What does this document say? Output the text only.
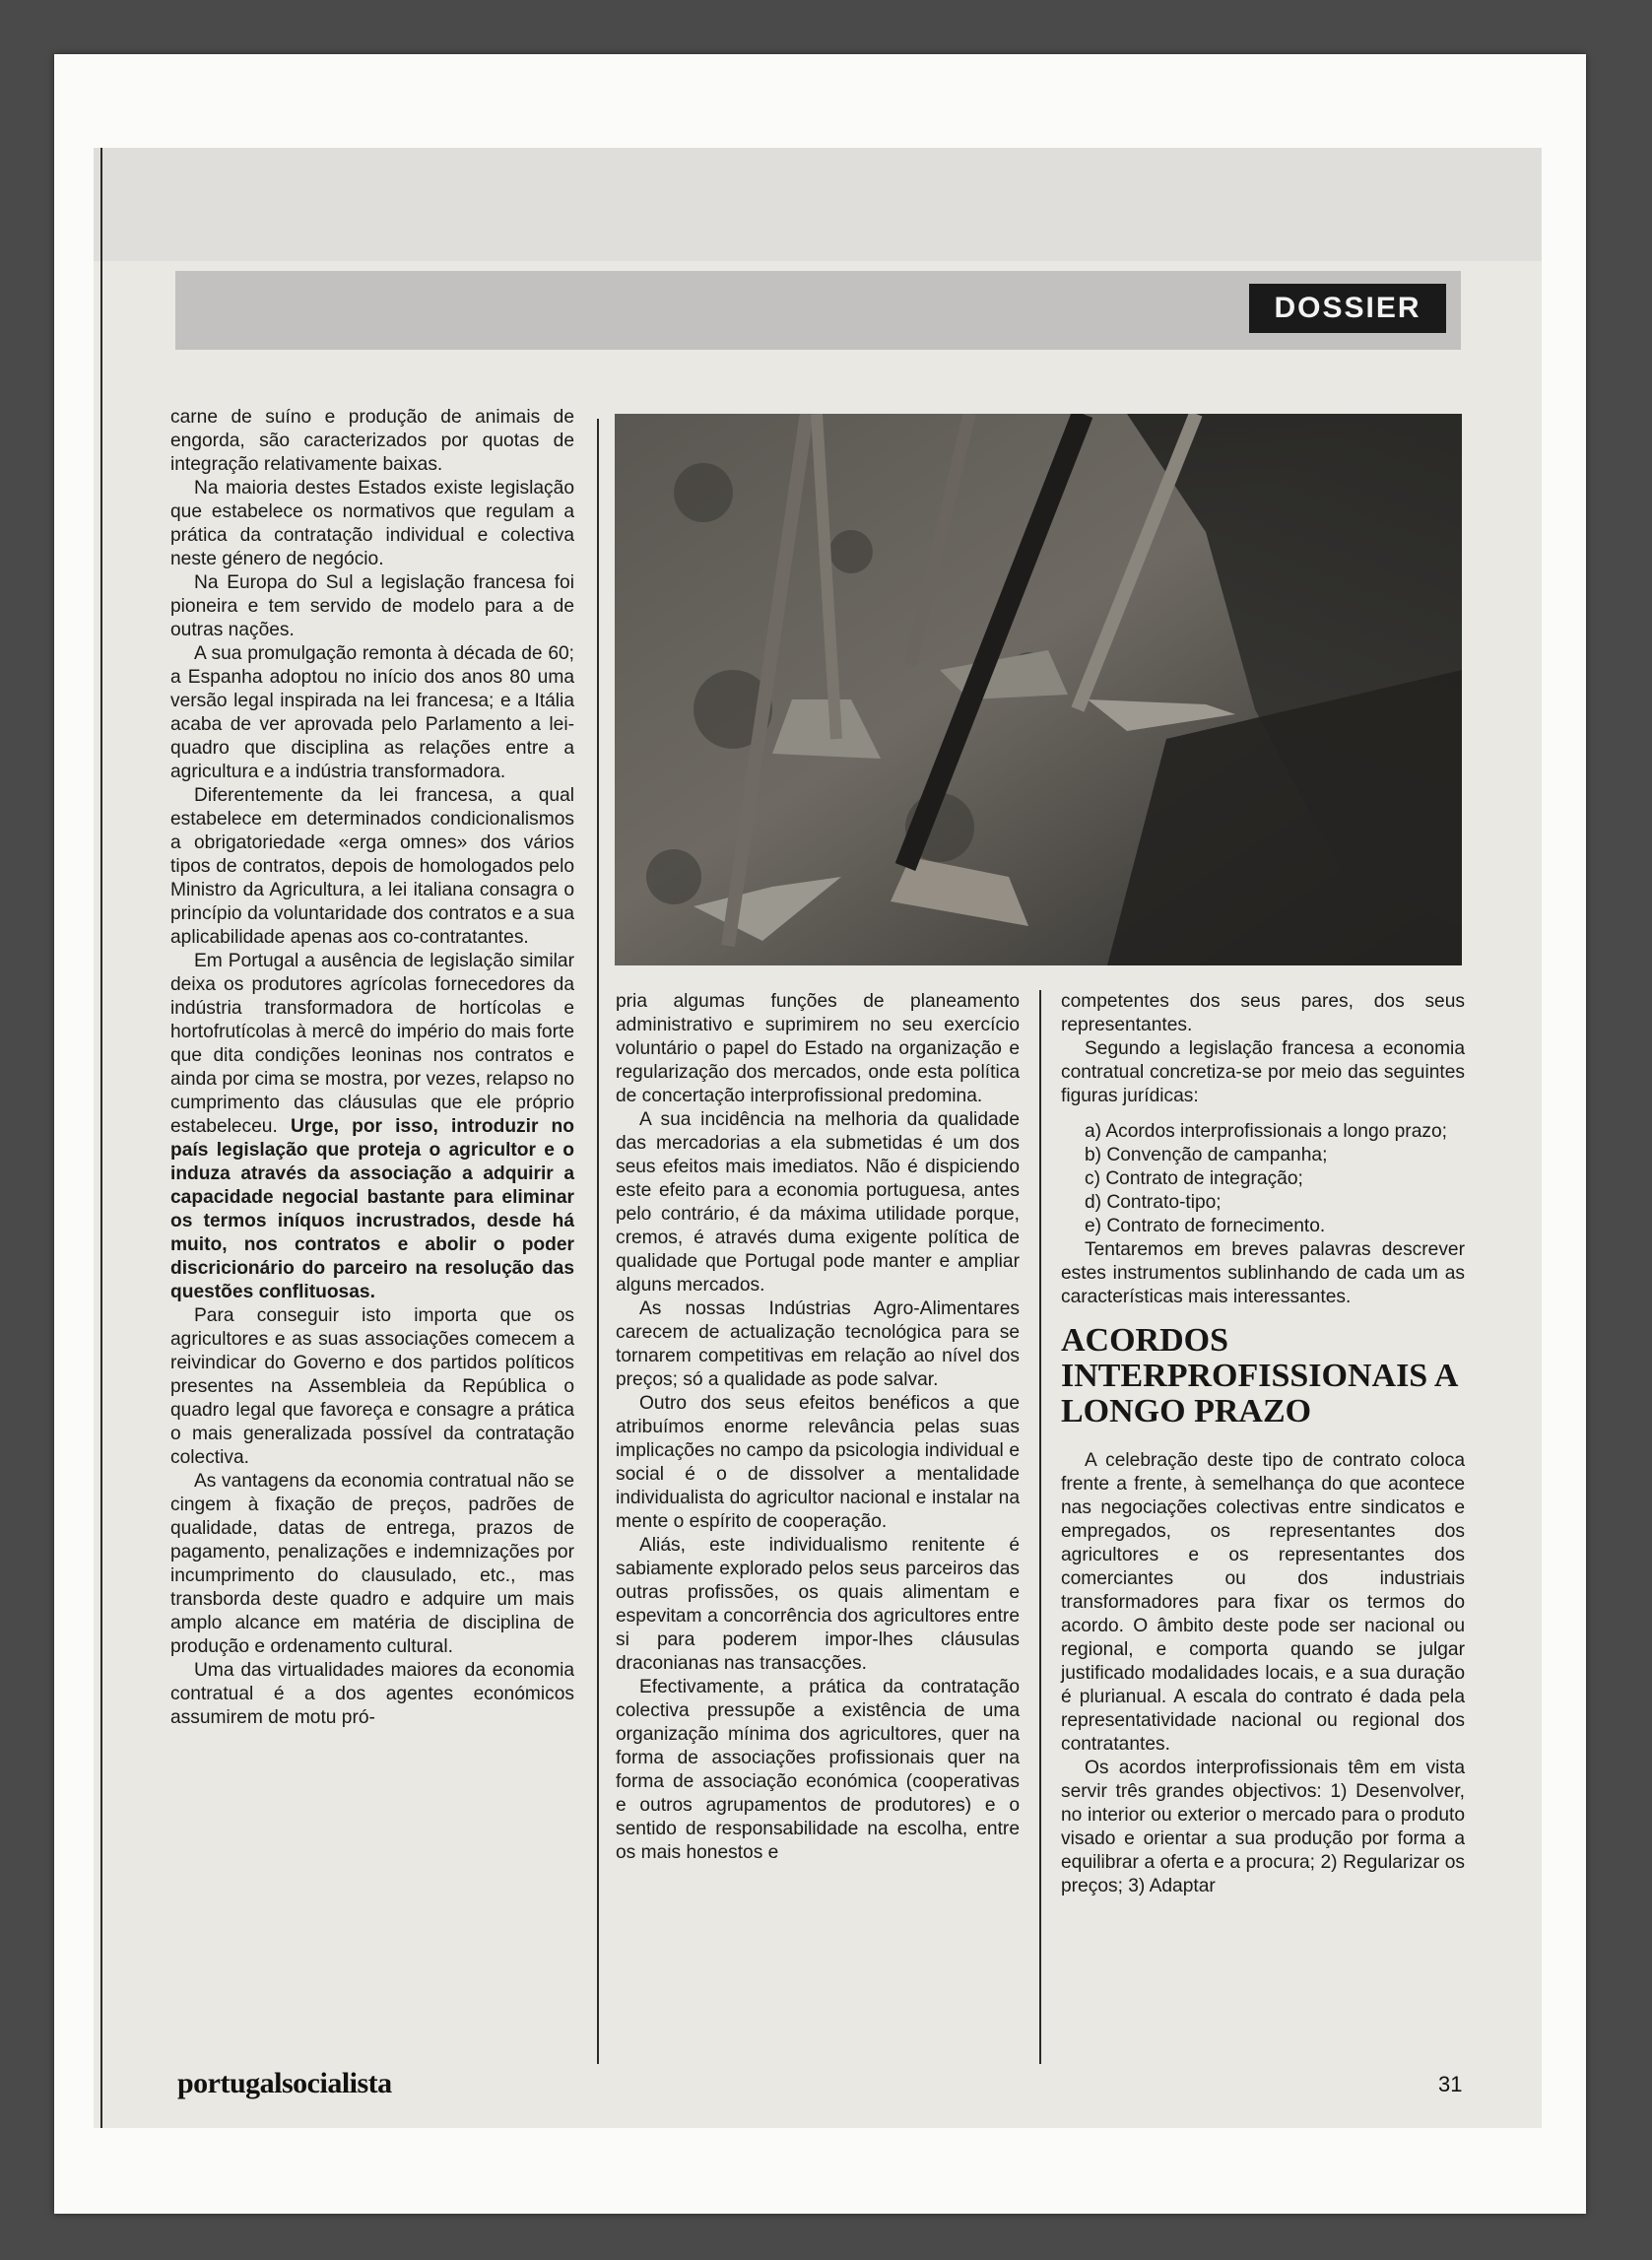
DOSSIER

carne de suíno e produção de animais de engorda, são caracterizados por quotas de integração relativamente baixas.

Na maioria destes Estados existe legislação que estabelece os normativos que regulam a prática da contratação individual e colectiva neste género de negócio.

Na Europa do Sul a legislação francesa foi pioneira e tem servido de modelo para a de outras nações.

A sua promulgação remonta à década de 60; a Espanha adoptou no início dos anos 80 uma versão legal inspirada na lei francesa; e a Itália acaba de ver aprovada pelo Parlamento a lei-quadro que disciplina as relações entre a agricultura e a indústria transformadora.

Diferentemente da lei francesa, a qual estabelece em determinados condicionalismos a obrigatoriedade «erga omnes» dos vários tipos de contratos, depois de homologados pelo Ministro da Agricultura, a lei italiana consagra o princípio da voluntaridade dos contratos e a sua aplicabilidade apenas aos co-contratantes.

Em Portugal a ausência de legislação similar deixa os produtores agrícolas fornecedores da indústria transformadora de hortícolas e hortofrutícolas à mercê do império do mais forte que dita condições leoninas nos contratos e ainda por cima se mostra, por vezes, relapso no cumprimento das cláusulas que ele próprio estabeleceu. Urge, por isso, introduzir no país legislação que proteja o agricultor e o induza através da associação a adquirir a capacidade negocial bastante para eliminar os termos iníquos incrustrados, desde há muito, nos contratos e abolir o poder discricionário do parceiro na resolução das questões conflituosas.

Para conseguir isto importa que os agricultores e as suas associações comecem a reivindicar do Governo e dos partidos políticos presentes na Assembleia da República o quadro legal que favoreça e consagre a prática o mais generalizada possível da contratação colectiva.

As vantagens da economia contratual não se cingem à fixação de preços, padrões de qualidade, datas de entrega, prazos de pagamento, penalizações e indemnizações por incumprimento do clausulado, etc., mas transborda deste quadro e adquire um mais amplo alcance em matéria de disciplina de produção e ordenamento cultural.

Uma das virtualidades maiores da economia contratual é a dos agentes económicos assumirem de motu pró-

pria algumas funções de planeamento administrativo e suprimirem no seu exercício voluntário o papel do Estado na organização e regularização dos mercados, onde esta política de concertação interprofissional predomina.

A sua incidência na melhoria da qualidade das mercadorias a ela submetidas é um dos seus efeitos mais imediatos. Não é dispiciendo este efeito para a economia portuguesa, antes pelo contrário, é da máxima utilidade porque, cremos, é através duma exigente política de qualidade que Portugal pode manter e ampliar alguns mercados.

As nossas Indústrias Agro-Alimentares carecem de actualização tecnológica para se tornarem competitivas em relação ao nível dos preços; só a qualidade as pode salvar.

Outro dos seus efeitos benéficos a que atribuímos enorme relevância pelas suas implicações no campo da psicologia individual e social é o de dissolver a mentalidade individualista do agricultor nacional e instalar na mente o espírito de cooperação.

Aliás, este individualismo renitente é sabiamente explorado pelos seus parceiros das outras profissões, os quais alimentam e espevitam a concorrência dos agricultores entre si para poderem impor-lhes cláusulas draconianas nas transacções.

Efectivamente, a prática da contratação colectiva pressupõe a existência de uma organização mínima dos agricultores, quer na forma de associações profissionais quer na forma de associação económica (cooperativas e outros agrupamentos de produtores) e o sentido de responsabilidade na escolha, entre os mais honestos e

competentes dos seus pares, dos seus representantes.

Segundo a legislação francesa a economia contratual concretiza-se por meio das seguintes figuras jurídicas:

a) Acordos interprofissionais a longo prazo;

b) Convenção de campanha;

c) Contrato de integração;

d) Contrato-tipo;

e) Contrato de fornecimento.

Tentaremos em breves palavras descrever estes instrumentos sublinhando de cada um as características mais interessantes.

ACORDOS INTERPROFISSIONAIS A LONGO PRAZO

A celebração deste tipo de contrato coloca frente a frente, à semelhança do que acontece nas negociações colectivas entre sindicatos e empregados, os representantes dos agricultores e os representantes dos comerciantes ou dos industriais transformadores para fixar os termos do acordo. O âmbito deste pode ser nacional ou regional, e comporta quando se julgar justificado modalidades locais, e a sua duração é plurianual. A escala do contrato é dada pela representatividade nacional ou regional dos contratantes.

Os acordos interprofissionais têm em vista servir três grandes objectivos: 1) Desenvolver, no interior ou exterior o mercado para o produto visado e orientar a sua produção por forma a equilibrar a oferta e a procura; 2) Regularizar os preços; 3) Adaptar

portugalsocialista	31
